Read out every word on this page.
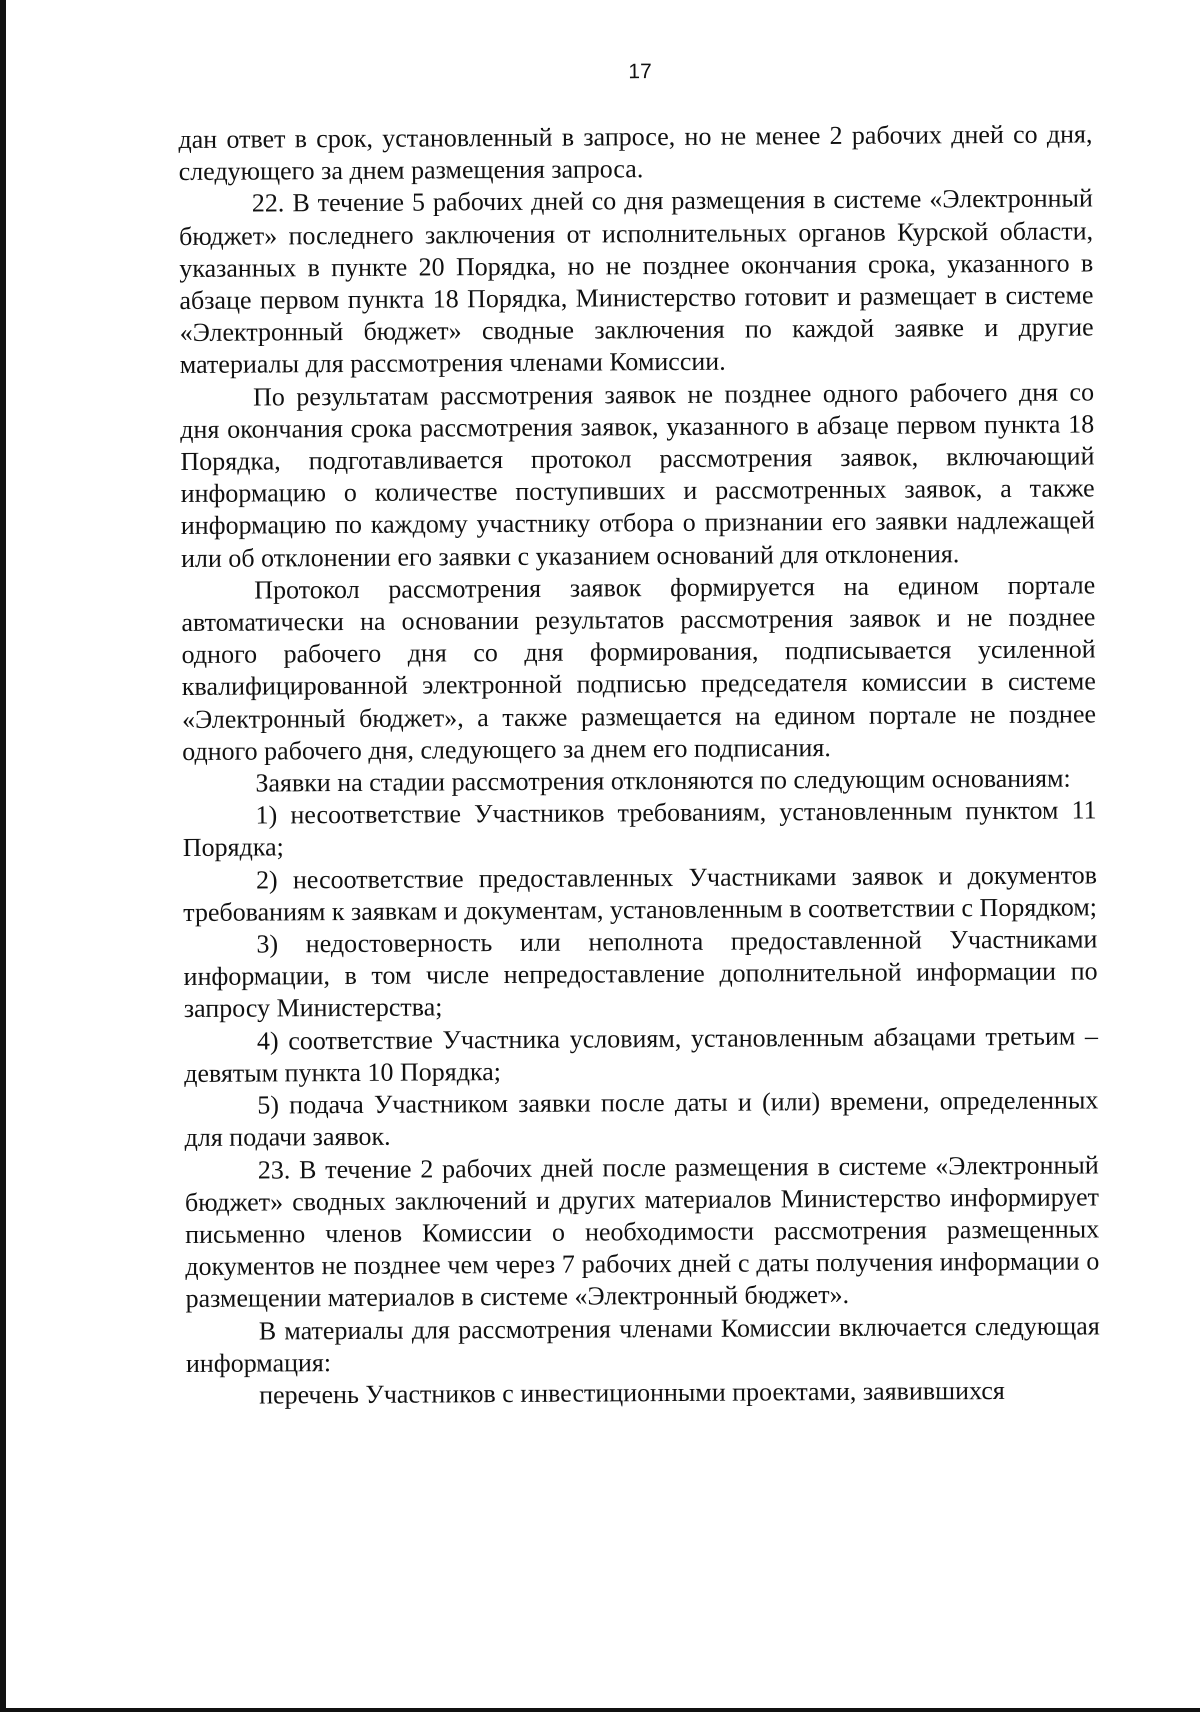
17

дан ответ в срок, установленный в запросе, но не менее 2 рабочих дней со дня, следующего за днем размещения запроса.

22. В течение 5 рабочих дней со дня размещения в системе «Электронный бюджет» последнего заключения от исполнительных органов Курской области, указанных в пункте 20 Порядка, но не позднее окончания срока, указанного в абзаце первом пункта 18 Порядка, Министерство готовит и размещает в системе «Электронный бюджет» сводные заключения по каждой заявке и другие материалы для рассмотрения членами Комиссии.

По результатам рассмотрения заявок не позднее одного рабочего дня со дня окончания срока рассмотрения заявок, указанного в абзаце первом пункта 18 Порядка, подготавливается протокол рассмотрения заявок, включающий информацию о количестве поступивших и рассмотренных заявок, а также информацию по каждому участнику отбора о признании его заявки надлежащей или об отклонении его заявки с указанием оснований для отклонения.

Протокол рассмотрения заявок формируется на едином портале автоматически на основании результатов рассмотрения заявок и не позднее одного рабочего дня со дня формирования, подписывается усиленной квалифицированной электронной подписью председателя комиссии в системе «Электронный бюджет», а также размещается на едином портале не позднее одного рабочего дня, следующего за днем его подписания.

Заявки на стадии рассмотрения отклоняются по следующим основаниям:

1) несоответствие Участников требованиям, установленным пунктом 11 Порядка;

2) несоответствие предоставленных Участниками заявок и документов требованиям к заявкам и документам, установленным в соответствии с Порядком;

3) недостоверность или неполнота предоставленной Участниками информации, в том числе непредоставление дополнительной информации по запросу Министерства;

4) соответствие Участника условиям, установленным абзацами третьим – девятым пункта 10 Порядка;

5) подача Участником заявки после даты и (или) времени, определенных для подачи заявок.

23. В течение 2 рабочих дней после размещения в системе «Электронный бюджет» сводных заключений и других материалов Министерство информирует письменно членов Комиссии о необходимости рассмотрения размещенных документов не позднее чем через 7 рабочих дней с даты получения информации о размещении материалов в системе «Электронный бюджет».

В материалы для рассмотрения членами Комиссии включается следующая информация:

перечень Участников с инвестиционными проектами, заявившихся
